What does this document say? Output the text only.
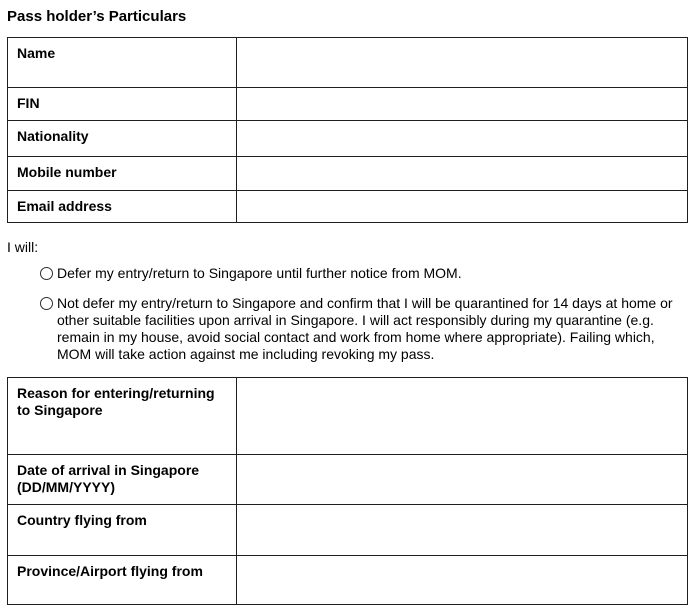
Pass holder’s Particulars
Name	
FIN	
Nationality	
Mobile number	
Email address	
I will:
Defer my entry/return to Singapore until further notice from MOM.
Not defer my entry/return to Singapore and confirm that I will be quarantined for 14 days at home or other suitable facilities upon arrival in Singapore. I will act responsibly during my quarantine (e.g. remain in my house, avoid social contact and work from home where appropriate). Failing which, MOM will take action against me including revoking my pass.
Reason for entering/returning to Singapore	
Date of arrival in Singapore (DD/MM/YYYY)	
Country flying from	
Province/Airport flying from	
